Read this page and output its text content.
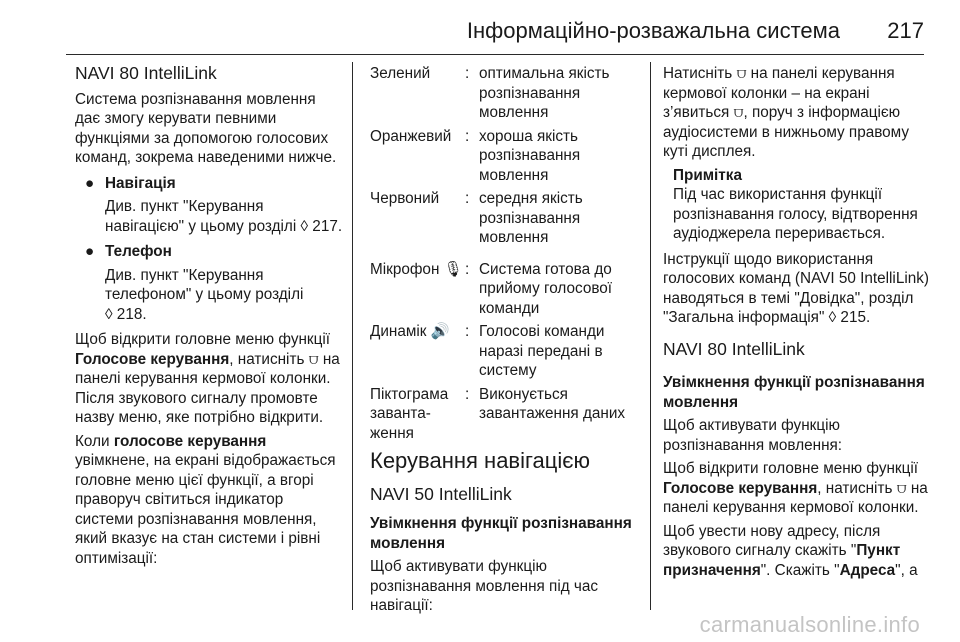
Інформаційно-розважальна система 217
NAVI 80 IntelliLink

Система розпізнавання мовлення дає змогу керувати певними функціями за допомогою голосових команд, зокрема наведеними нижче.

● Навігація
Див. пункт "Керування навігацією" у цьому розділі ◊ 217.
● Телефон
Див. пункт "Керування телефоном" у цьому розділі ◊ 218.

Щоб відкрити головне меню функції Голосове керування, натисніть ⩌ на панелі керування кермової колонки. Після звукового сигналу промовте назву меню, яке потрібно відкрити.

Коли голосове керування увімкнене, на екрані відображається головне меню цієї функції, а вгорі праворуч світиться індикатор системи розпізнавання мовлення, який вказує на стан системи і рівні оптимізації:

Зелений	: оптимальна якість розпізнавання мовлення
Оранжевий : хороша якість розпізнавання мовлення
Червоний	: середня якість розпізнавання мовлення
Мікрофон 🎙 : Система готова до прийому голосової команди
Динамік 🔊 : Голосові команди наразі передані в систему
Піктограма заванта-ження
: Виконується завантаження даних
Керування навігацією
NAVI 50 IntelliLink

Увімкнення функції розпізнавання мовлення

Щоб активувати функцію розпізнавання мовлення під час навігації:

Натисніть ⩌ на панелі керування кермової колонки – на екрані з’явиться ⩌, поруч з інформацією аудіосистеми в нижньому правому куті дисплея.

Примітка
Під час використання функції розпізнавання голосу, відтворення аудіоджерела переривається.

Інструкції щодо використання голосових команд (NAVI 50 IntelliLink) наводяться в темі "Довідка", розділ "Загальна інформація" ◊ 215.

NAVI 80 IntelliLink

Увімкнення функції розпізнавання мовлення

Щоб активувати функцію розпізнавання мовлення:

Щоб відкрити головне меню функції Голосове керування, натисніть ⩌ на панелі керування кермової колонки.

Щоб увести нову адресу, після звукового сигналу скажіть "Пункт призначення". Скажіть "Адреса", а

carmanualsonline.info
